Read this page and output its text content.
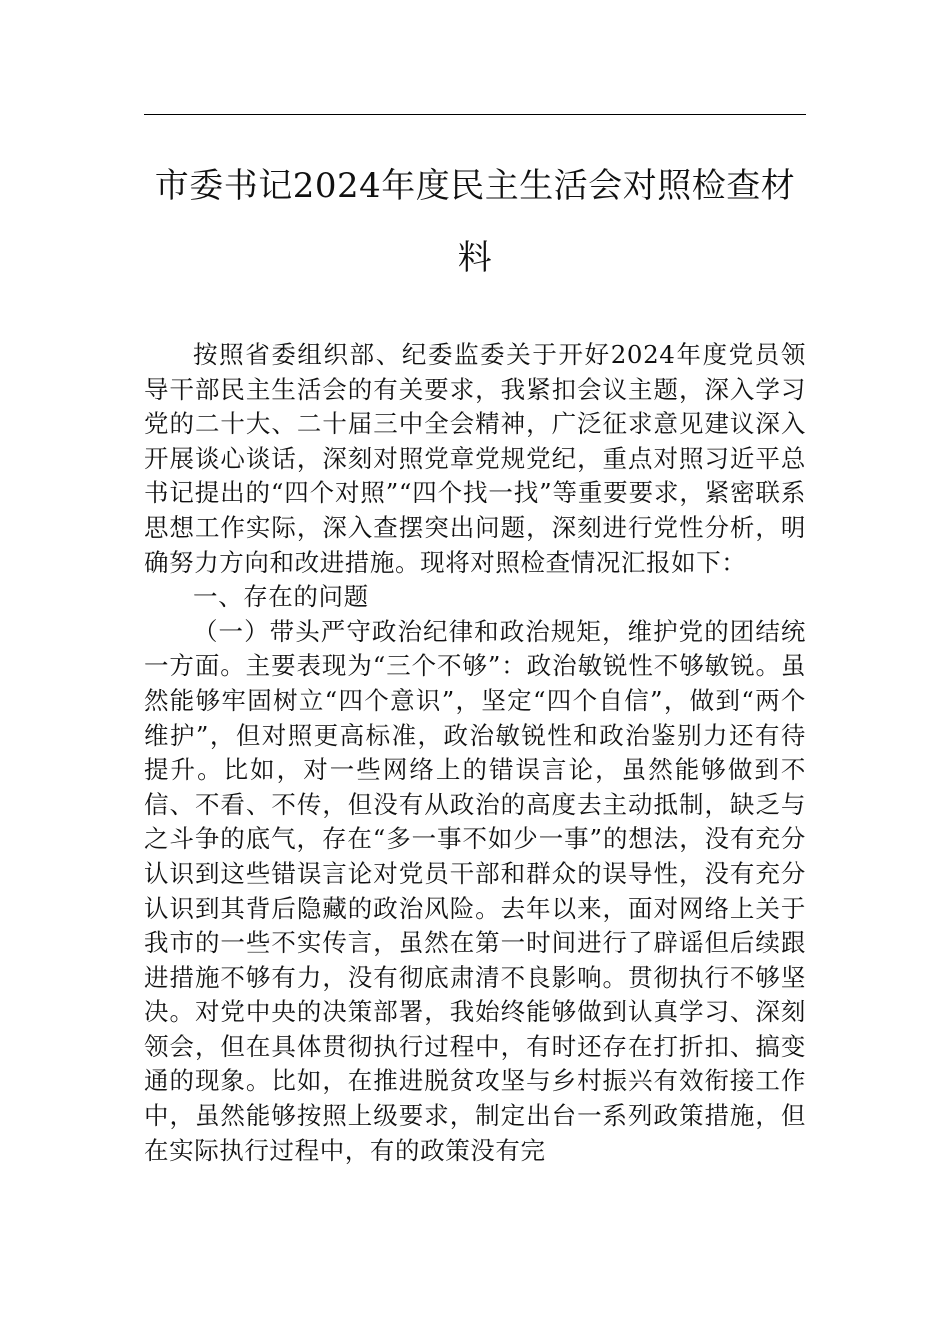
市委书记2024年度民主生活会对照检查材料

按照省委组织部、纪委监委关于开好2024年度党员领导干部民主生活会的有关要求，我紧扣会议主题，深入学习党的二十大、二十届三中全会精神，广泛征求意见建议深入开展谈心谈话，深刻对照党章党规党纪，重点对照习近平总书记提出的“四个对照”“四个找一找”等重要要求，紧密联系思想工作实际，深入查摆突出问题，深刻进行党性分析，明确努力方向和改进措施。现将对照检查情况汇报如下：

一、存在的问题

（一）带头严守政治纪律和政治规矩，维护党的团结统一方面。主要表现为“三个不够”：政治敏锐性不够敏锐。虽然能够牢固树立“四个意识”，坚定“四个自信”，做到“两个维护”，但对照更高标准，政治敏锐性和政治鉴别力还有待提升。比如，对一些网络上的错误言论，虽然能够做到不信、不看、不传，但没有从政治的高度去主动抵制，缺乏与之斗争的底气，存在“多一事不如少一事”的想法，没有充分认识到这些错误言论对党员干部和群众的误导性，没有充分认识到其背后隐藏的政治风险。去年以来，面对网络上关于我市的一些不实传言，虽然在第一时间进行了辟谣但后续跟进措施不够有力，没有彻底肃清不良影响。贯彻执行不够坚决。对党中央的决策部署，我始终能够做到认真学习、深刻领会，但在具体贯彻执行过程中，有时还存在打折扣、搞变通的现象。比如，在推进脱贫攻坚与乡村振兴有效衔接工作中，虽然能够按照上级要求，制定出台一系列政策措施，但在实际执行过程中，有的政策没有完
